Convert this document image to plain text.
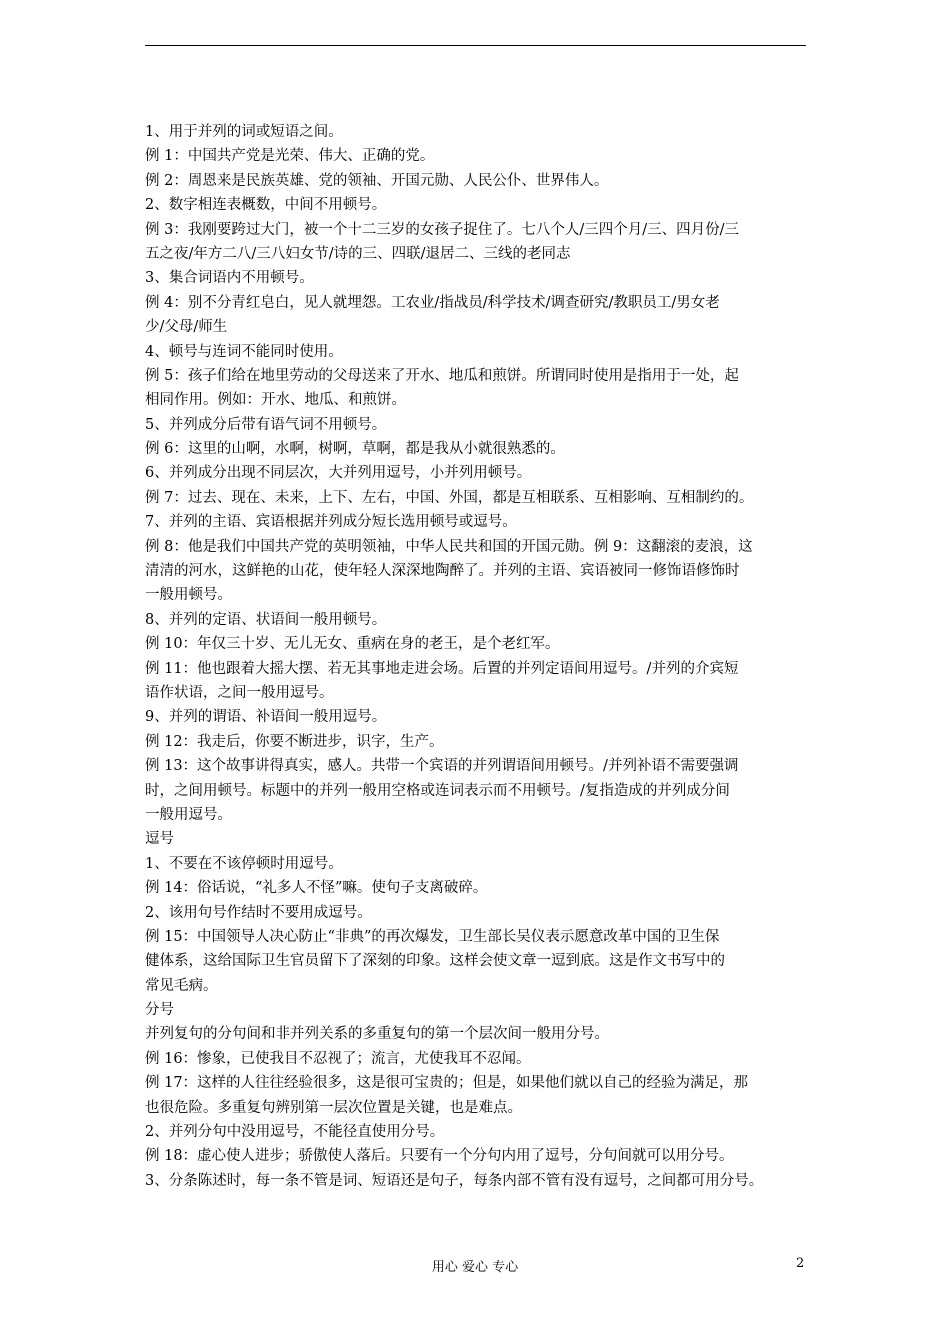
1、用于并列的词或短语之间。
例 1：中国共产党是光荣、伟大、正确的党。
例 2：周恩来是民族英雄、党的领袖、开国元勋、人民公仆、世界伟人。
2、数字相连表概数，中间不用顿号。
例 3：我刚要跨过大门，被一个十二三岁的女孩子捉住了。七八个人/三四个月/三、四月份/三
五之夜/年方二八/三八妇女节/诗的三、四联/退居二、三线的老同志
3、集合词语内不用顿号。
例 4：别不分青红皂白，见人就埋怨。工农业/指战员/科学技术/调查研究/教职员工/男女老
少/父母/师生
4、顿号与连词不能同时使用。
例 5：孩子们给在地里劳动的父母送来了开水、地瓜和煎饼。所谓同时使用是指用于一处，起
相同作用。例如：开水、地瓜、和煎饼。
5、并列成分后带有语气词不用顿号。
例 6：这里的山啊，水啊，树啊，草啊，都是我从小就很熟悉的。
6、并列成分出现不同层次，大并列用逗号，小并列用顿号。
例 7：过去、现在、未来，上下、左右，中国、外国，都是互相联系、互相影响、互相制约的。
7、并列的主语、宾语根据并列成分短长选用顿号或逗号。
例 8：他是我们中国共产党的英明领袖，中华人民共和国的开国元勋。例 9：这翻滚的麦浪，这
清清的河水，这鲜艳的山花，使年轻人深深地陶醉了。并列的主语、宾语被同一修饰语修饰时
一般用顿号。
8、并列的定语、状语间一般用顿号。
例 10：年仅三十岁、无儿无女、重病在身的老王，是个老红军。
例 11：他也跟着大摇大摆、若无其事地走进会场。后置的并列定语间用逗号。/并列的介宾短
语作状语，之间一般用逗号。
9、并列的谓语、补语间一般用逗号。
例 12：我走后，你要不断进步，识字，生产。
例 13：这个故事讲得真实，感人。共带一个宾语的并列谓语间用顿号。/并列补语不需要强调
时，之间用顿号。标题中的并列一般用空格或连词表示而不用顿号。/复指造成的并列成分间
一般用逗号。
逗号
1、不要在不该停顿时用逗号。
例 14：俗话说，“礼多人不怪”嘛。使句子支离破碎。
2、该用句号作结时不要用成逗号。
例 15：中国领导人决心防止“非典”的再次爆发，卫生部长吴仪表示愿意改革中国的卫生保
健体系，这给国际卫生官员留下了深刻的印象。这样会使文章一逗到底。这是作文书写中的
常见毛病。
分号
并列复句的分句间和非并列关系的多重复句的第一个层次间一般用分号。
例 16：惨象，已使我目不忍视了；流言，尤使我耳不忍闻。
例 17：这样的人往往经验很多，这是很可宝贵的；但是，如果他们就以自己的经验为满足，那
也很危险。多重复句辨别第一层次位置是关键，也是难点。
2、并列分句中没用逗号，不能径直使用分号。
例 18：虚心使人进步；骄傲使人落后。只要有一个分句内用了逗号，分句间就可以用分号。
3、分条陈述时，每一条不管是词、短语还是句子，每条内部不管有没有逗号，之间都可用分号。
用心 爱心 专心	2
